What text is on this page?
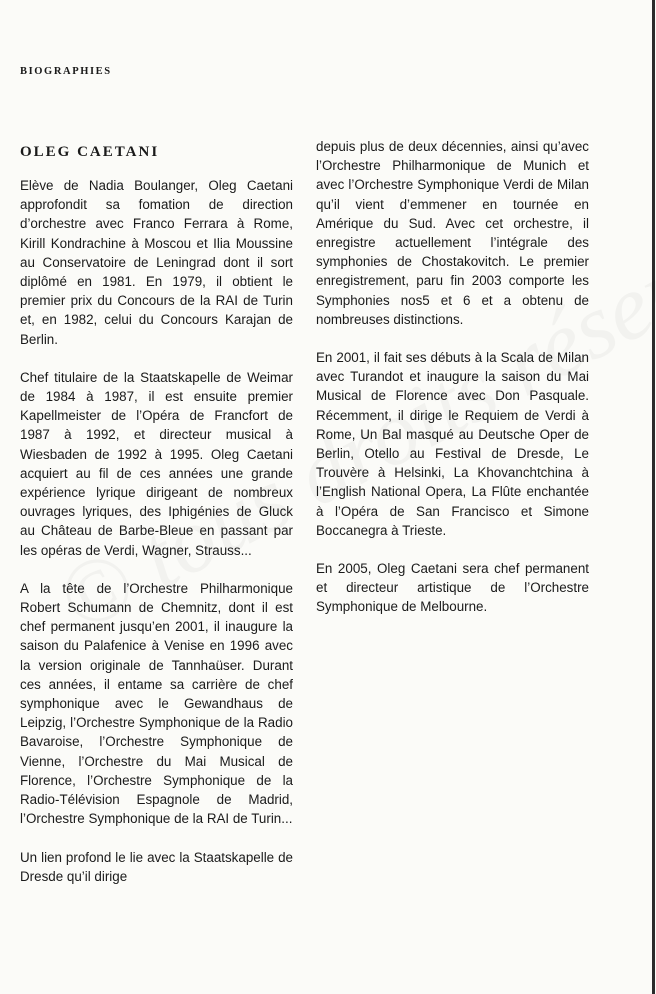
BIOGRAPHIES
OLEG CAETANI

Elève de Nadia Boulanger, Oleg Caetani approfondit sa fomation de direction d’orchestre avec Franco Ferrara à Rome, Kirill Kondrachine à Moscou et Ilia Moussine au Conservatoire de Leningrad dont il sort diplômé en 1981. En 1979, il obtient le premier prix du Concours de la RAI de Turin et, en 1982, celui du Concours Karajan de Berlin.

Chef titulaire de la Staatskapelle de Weimar de 1984 à 1987, il est ensuite premier Kapellmeister de l’Opéra de Francfort de 1987 à 1992, et directeur musical à Wiesbaden de 1992 à 1995. Oleg Caetani acquiert au fil de ces années une grande expérience lyrique dirigeant de nombreux ouvrages lyriques, des Iphigénies de Gluck au Château de Barbe-Bleue en passant par les opéras de Verdi, Wagner, Strauss...

A la tête de l’Orchestre Philharmonique Robert Schumann de Chemnitz, dont il est chef permanent jusqu’en 2001, il inaugure la saison du Palafenice à Venise en 1996 avec la version originale de Tannhaüser. Durant ces années, il entame sa carrière de chef symphonique avec le Gewandhaus de Leipzig, l’Orchestre Symphonique de la Radio Bavaroise, l’Orchestre Symphonique de Vienne, l’Orchestre du Mai Musical de Florence, l’Orchestre Symphonique de la Radio-Télévision Espagnole de Madrid, l’Orchestre Symphonique de la RAI de Turin...

Un lien profond le lie avec la Staatskapelle de Dresde qu’il dirige

depuis plus de deux décennies, ainsi qu’avec l’Orchestre Philharmonique de Munich et avec l’Orchestre Symphonique Verdi de Milan qu’il vient d’emmener en tournée en Amérique du Sud. Avec cet orchestre, il enregistre actuellement l’intégrale des symphonies de Chostakovitch. Le premier enregistrement, paru fin 2003 comporte les Symphonies nos5 et 6 et a obtenu de nombreuses distinctions.

En 2001, il fait ses débuts à la Scala de Milan avec Turandot et inaugure la saison du Mai Musical de Florence avec Don Pasquale. Récemment, il dirige le Requiem de Verdi à Rome, Un Bal masqué au Deutsche Oper de Berlin, Otello au Festival de Dresde, Le Trouvère à Helsinki, La Khovanchtchina à l’English National Opera, La Flûte enchantée à l’Opéra de San Francisco et Simone Boccanegra à Trieste.

En 2005, Oleg Caetani sera chef permanent et directeur artistique de l’Orchestre Symphonique de Melbourne.
